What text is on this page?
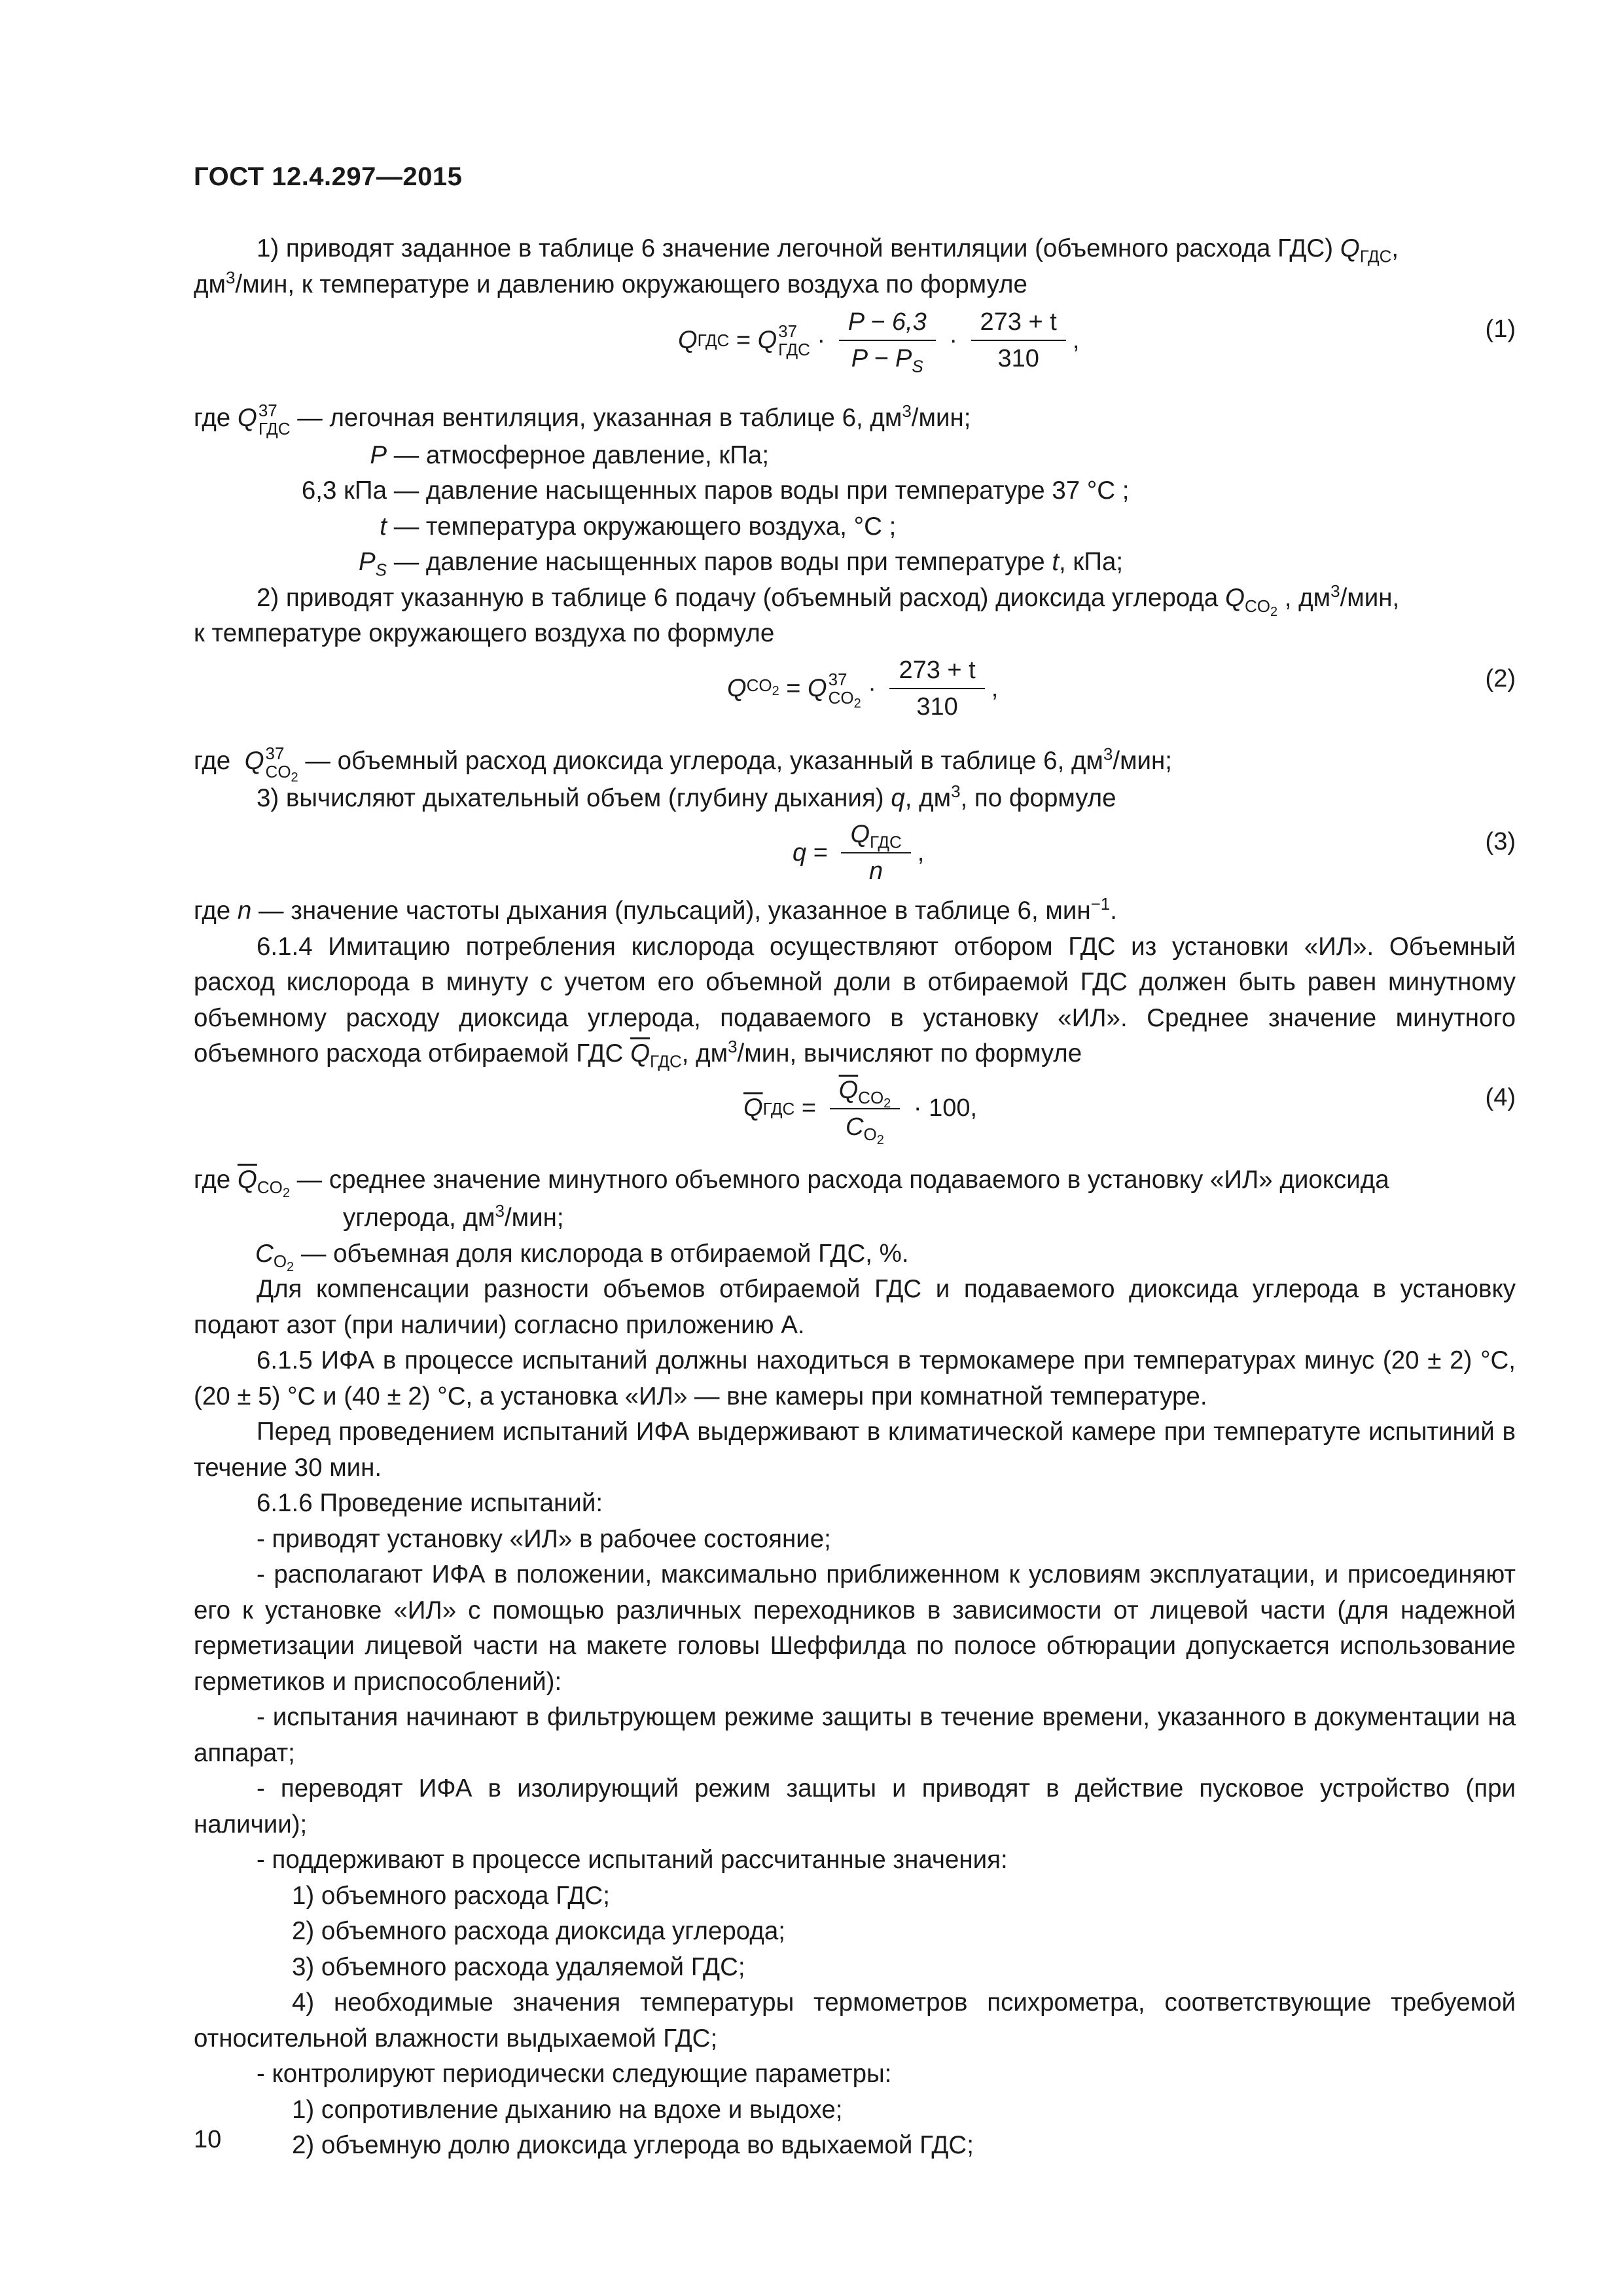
ГОСТ 12.4.297—2015

1) приводят заданное в таблице 6 значение легочной вентиляции (объемного расхода ГДС) $Q_{ГДС}$,
$дм^3$/мин, к температуре и давлению окружающего воздуха по формуле

Q ГДС = Q 37
ГДС · $\frac{P - 6,3}{P - P_S} \cdot \frac{273 + t}{310}$ ,	(1)

где Q 37
ГДС — легочная вентиляция, указанная в таблице 6, $дм^3$/мин;

P — атмосферное давление, кПа;

6,3 кПа — давление насыщенных паров воды при температуре 37 °С ;

t — температура окружающего воздуха, °С ;

$P_S$ — давление насыщенных паров воды при температуре t, кПа;

2) приводят указанную в таблице 6 подачу (объемный расход) диоксида углерода $Q_{CO_2}$ , $дм^3$/мин,
к температуре окружающего воздуха по формуле

Q $CO_2 = Q$ 37
$CO_2$
· $\frac{273 + t}{310}$ ,	(2)

где  Q 37
$CO_2$
— объемный расход диоксида углерода, указанный в таблице 6, $дм^3$/мин;

3) вычисляют дыхательный объем (глубину дыхания) q, $дм^3$, по формуле

$q = \frac{Q_{ГДС}}{n}$ ,	(3)

где n — значение частоты дыхания (пульсаций), указанное в таблице 6, мин$^{-1}$.

6.1.4 Имитацию потребления кислорода осуществляют отбором ГДС из установки «ИЛ». Объемный расход кислорода в минуту с учетом его объемной доли в отбираемой ГДС должен быть равен минутному объемному расходу диоксида углерода, подаваемого в установку «ИЛ». Среднее значение минутного объемного расхода отбираемой ГДС $\overline{Q}_{ГДС}$, $дм^3$/мин, вычисляют по формуле

$\overline{Q}$ ГДС = $\frac{\overline{Q}_{CO_2}}{C_{O_2}} \cdot 100$,	(4)

где $\overline{Q}_{CO_2}$ — среднее значение минутного объемного расхода подаваемого в установку «ИЛ» диоксида

углерода, $дм^3$/мин;

$C_{O_2}$ — объемная доля кислорода в отбираемой ГДС, %.

Для компенсации разности объемов отбираемой ГДС и подаваемого диоксида углерода в установку подают азот (при наличии) согласно приложению А.

6.1.5 ИФА в процессе испытаний должны находиться в термокамере при температурах минус (20 ± 2) °С, (20 ± 5) °С и (40 ± 2) °С, а установка «ИЛ» — вне камеры при комнатной температуре.

Перед проведением испытаний ИФА выдерживают в климатической камере при температуте испытиний в течение 30 мин.

6.1.6 Проведение испытаний:

- приводят установку «ИЛ» в рабочее состояние;

- располагают ИФА в положении, максимально приближенном к условиям эксплуатации, и присоединяют его к установке «ИЛ» с помощью различных переходников в зависимости от лицевой части (для надежной герметизации лицевой части на макете головы Шеффилда по полосе обтюрации допускается использование герметиков и приспособлений):

- испытания начинают в фильтрующем режиме защиты в течение времени, указанного в документации на аппарат;

- переводят ИФА в изолирующий режим защиты и приводят в действие пусковое устройство (при наличии);

- поддерживают в процессе испытаний рассчитанные значения:

1) объемного расхода ГДС;

2) объемного расхода диоксида углерода;

3) объемного расхода удаляемой ГДС;

4) необходимые значения температуры термометров психрометра, соответствующие требуемой относительной влажности выдыхаемой ГДС;

- контролируют периодически следующие параметры:

1) сопротивление дыханию на вдохе и выдохе;

2) объемную долю диоксида углерода во вдыхаемой ГДС;

10
